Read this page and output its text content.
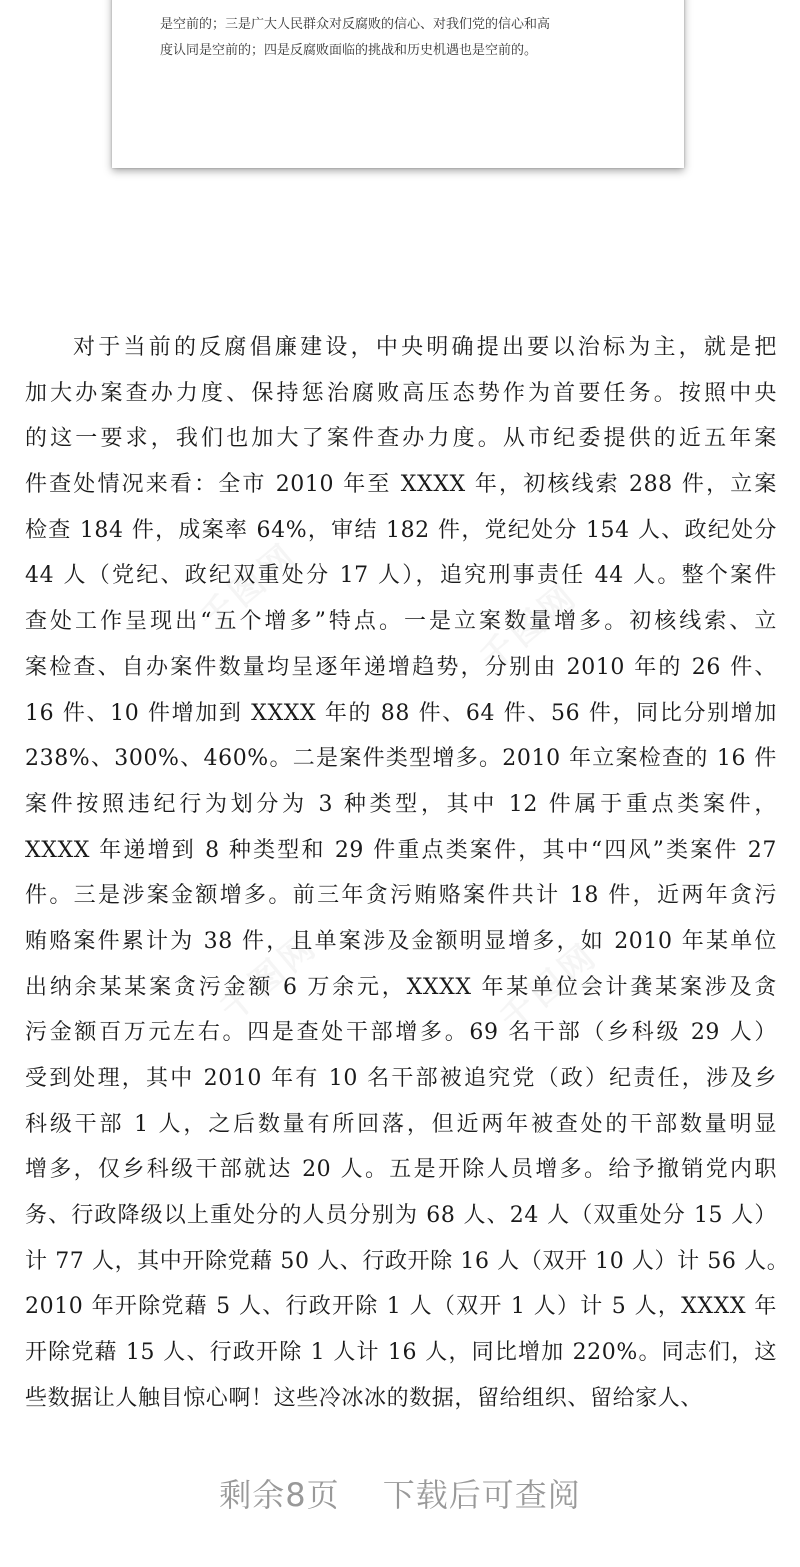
是空前的；三是广大人民群众对反腐败的信心、对我们党的信心和高
度认同是空前的；四是反腐败面临的挑战和历史机遇也是空前的。

千图网	千图网
千图网	千图网
对于当前的反腐倡廉建设，中央明确提出要以治标为主，就是把
加大办案查办力度、保持惩治腐败高压态势作为首要任务。按照中央
的这一要求，我们也加大了案件查办力度。从市纪委提供的近五年案
件查处情况来看：全市 2010 年至 XXXX 年，初核线索 288 件，立案
检查 184 件，成案率 64%，审结 182 件，党纪处分 154 人、政纪处分
44 人（党纪、政纪双重处分 17 人），追究刑事责任 44 人。整个案件
查处工作呈现出“五个增多”特点。一是立案数量增多。初核线索、立
案检查、自办案件数量均呈逐年递增趋势，分别由 2010 年的 26 件、
16 件、10 件增加到 XXXX 年的 88 件、64 件、56 件，同比分别增加
238%、300%、460%。二是案件类型增多。2010 年立案检查的 16 件
案件按照违纪行为划分为 3 种类型，其中 12 件属于重点类案件，
XXXX 年递增到 8 种类型和 29 件重点类案件，其中“四风”类案件 27
件。三是涉案金额增多。前三年贪污贿赂案件共计 18 件，近两年贪污
贿赂案件累计为 38 件，且单案涉及金额明显增多，如 2010 年某单位
出纳余某某案贪污金额 6 万余元，XXXX 年某单位会计龚某案涉及贪
污金额百万元左右。四是查处干部增多。69 名干部（乡科级 29 人）
受到处理，其中 2010 年有 10 名干部被追究党（政）纪责任，涉及乡
科级干部 1 人，之后数量有所回落，但近两年被查处的干部数量明显
增多，仅乡科级干部就达 20 人。五是开除人员增多。给予撤销党内职
务、行政降级以上重处分的人员分别为 68 人、24 人（双重处分 15 人）
计 77 人，其中开除党藉 50 人、行政开除 16 人（双开 10 人）计 56 人。
2010 年开除党藉 5 人、行政开除 1 人（双开 1 人）计 5 人，XXXX 年
开除党藉 15 人、行政开除 1 人计 16 人，同比增加 220%。同志们，这
些数据让人触目惊心啊！这些冷冰冰的数据，留给组织、留给家人、
剩余8页 下载后可查阅
